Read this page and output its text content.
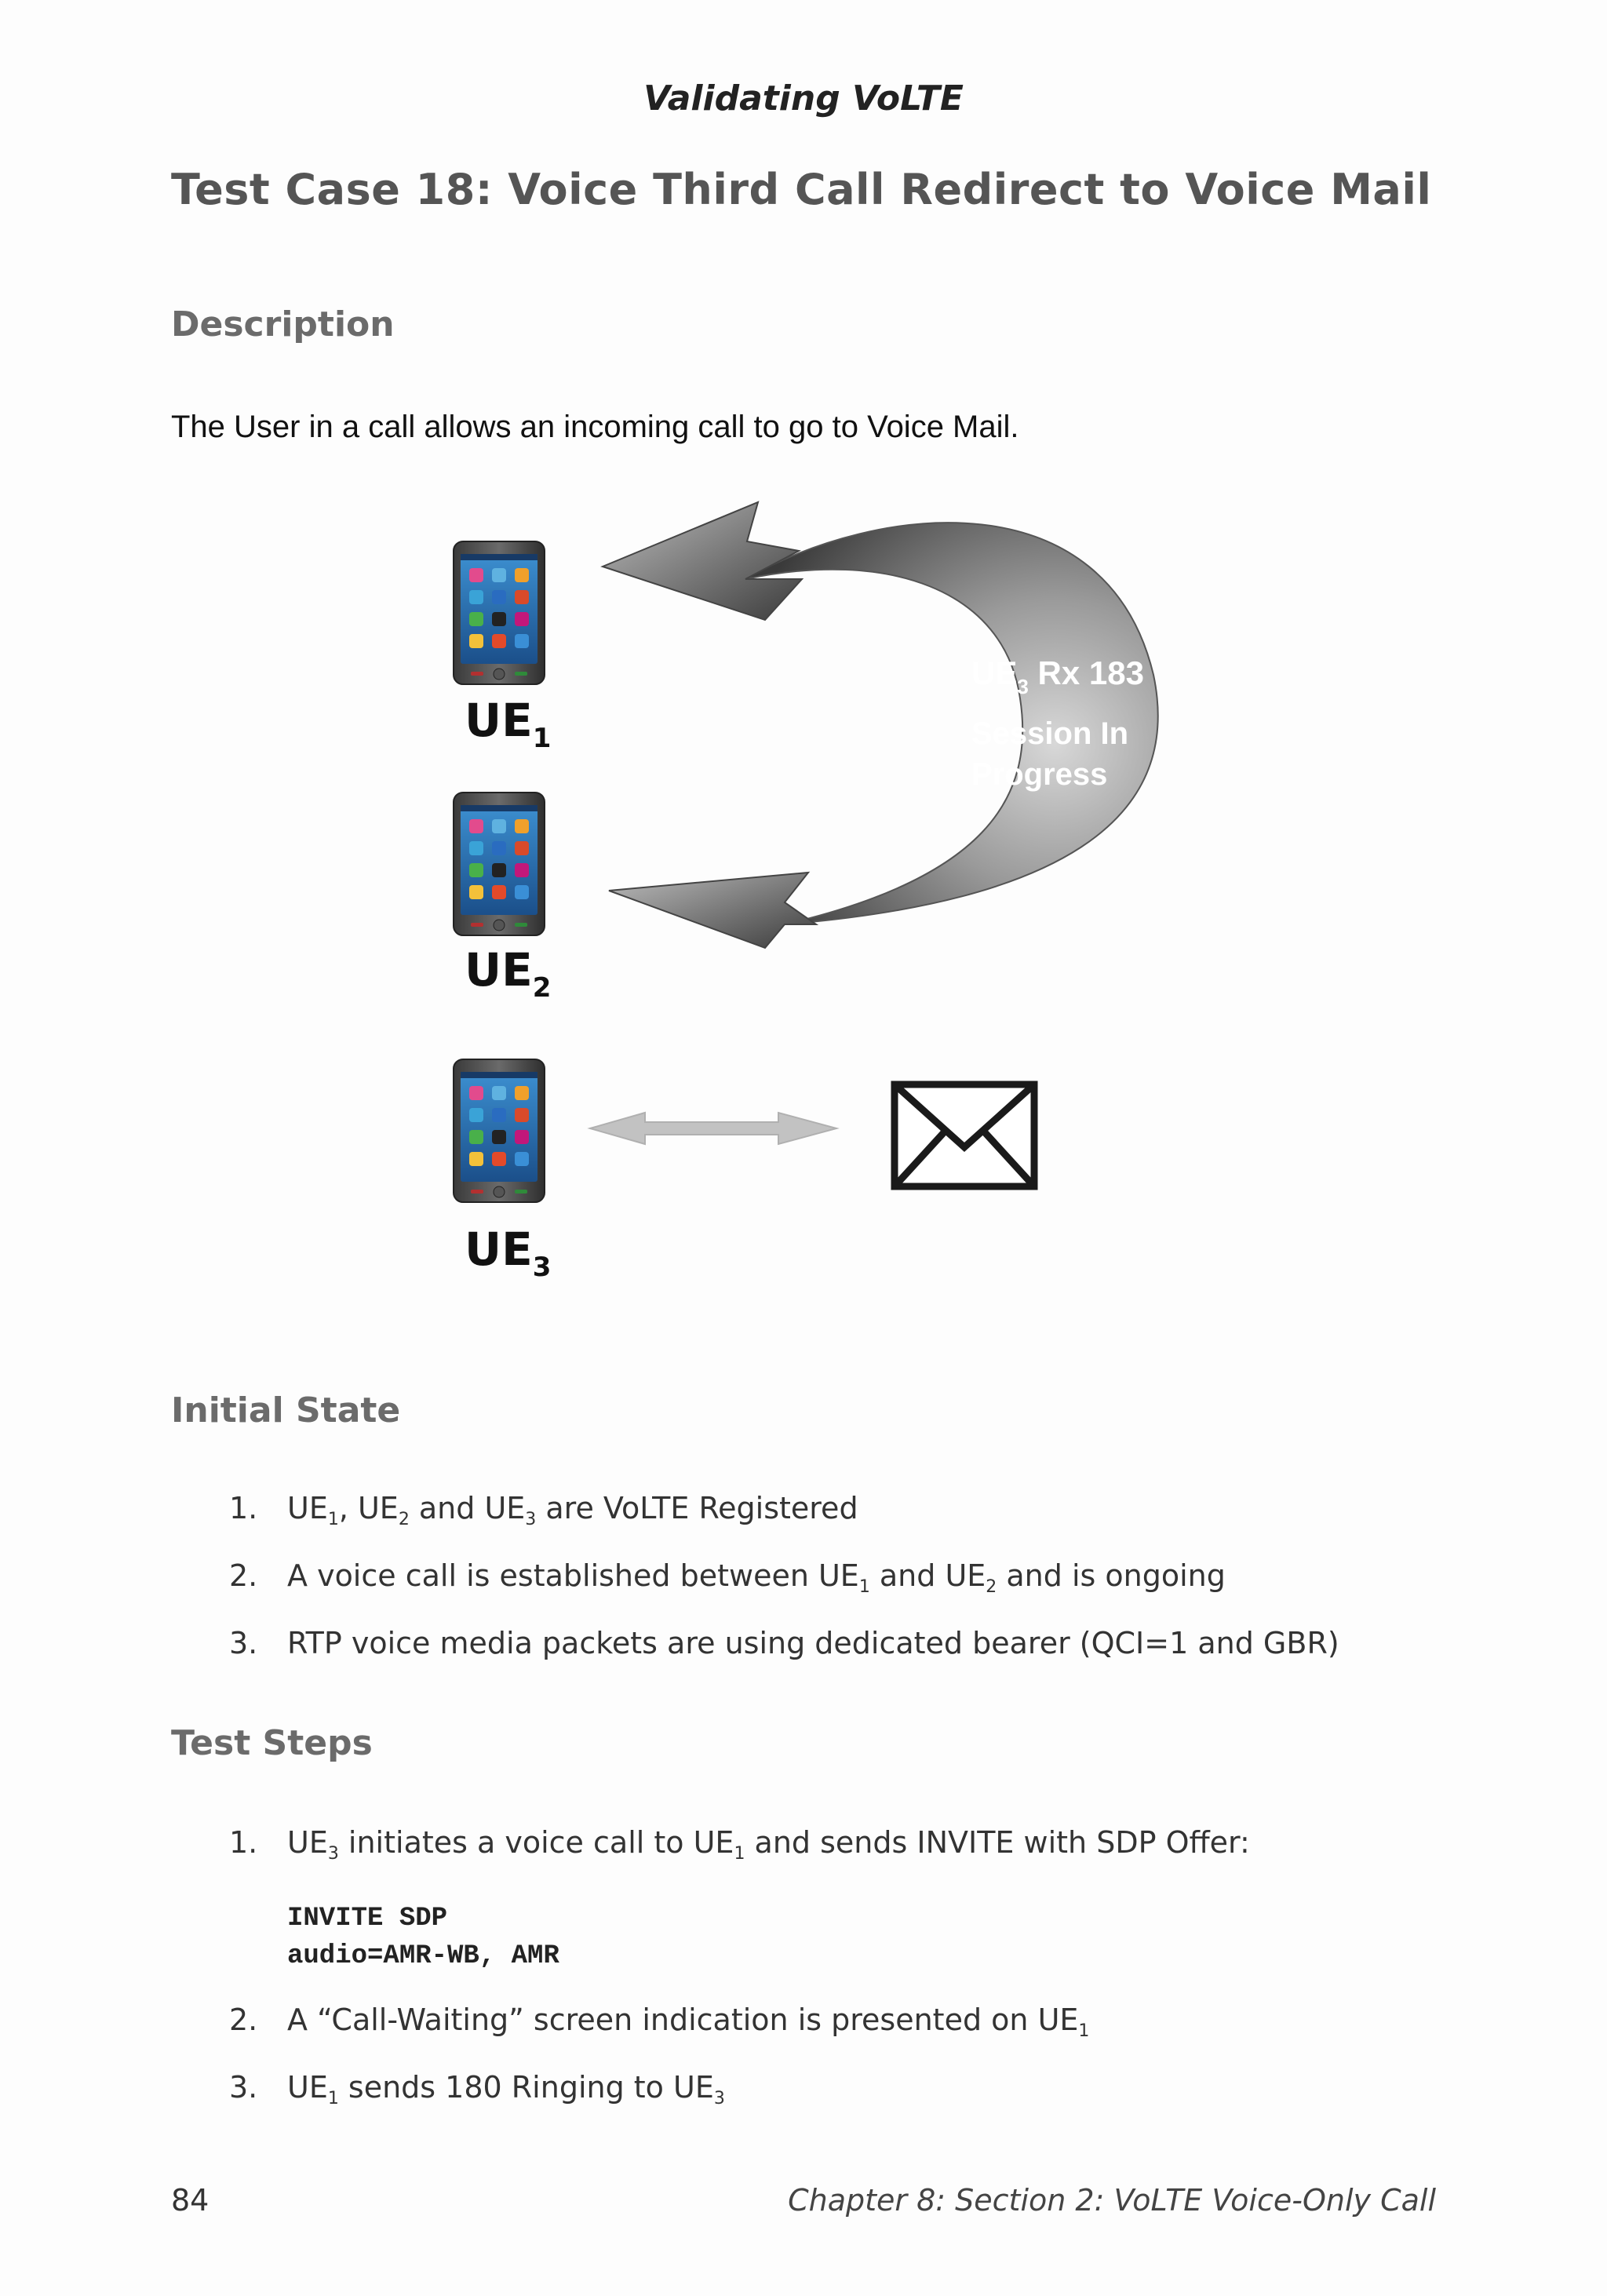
Validating VoLTE
Test Case 18: Voice Third Call Redirect to Voice Mail
Description
The User in a call allows an incoming call to go to Voice Mail.
$UE_1$
$UE_2$
$UE_3$
$UE_3$ Rx 183
Session In
Progress
Initial State
1. $UE_1$, $UE_2$ and $UE_3$ are VoLTE Registered
2. A voice call is established between $UE_1$ and $UE_2$ and is ongoing
3. RTP voice media packets are using dedicated bearer (QCI=1 and GBR)
Test Steps
1. $UE_3$ initiates a voice call to $UE_1$ and sends INVITE with SDP Offer:
INVITE SDP
audio=AMR-WB, AMR
2. A “Call-Waiting” screen indication is presented on $UE_1$
3. $UE_1$ sends 180 Ringing to $UE_3$
84	Chapter 8: Section 2: VoLTE Voice-Only Call
